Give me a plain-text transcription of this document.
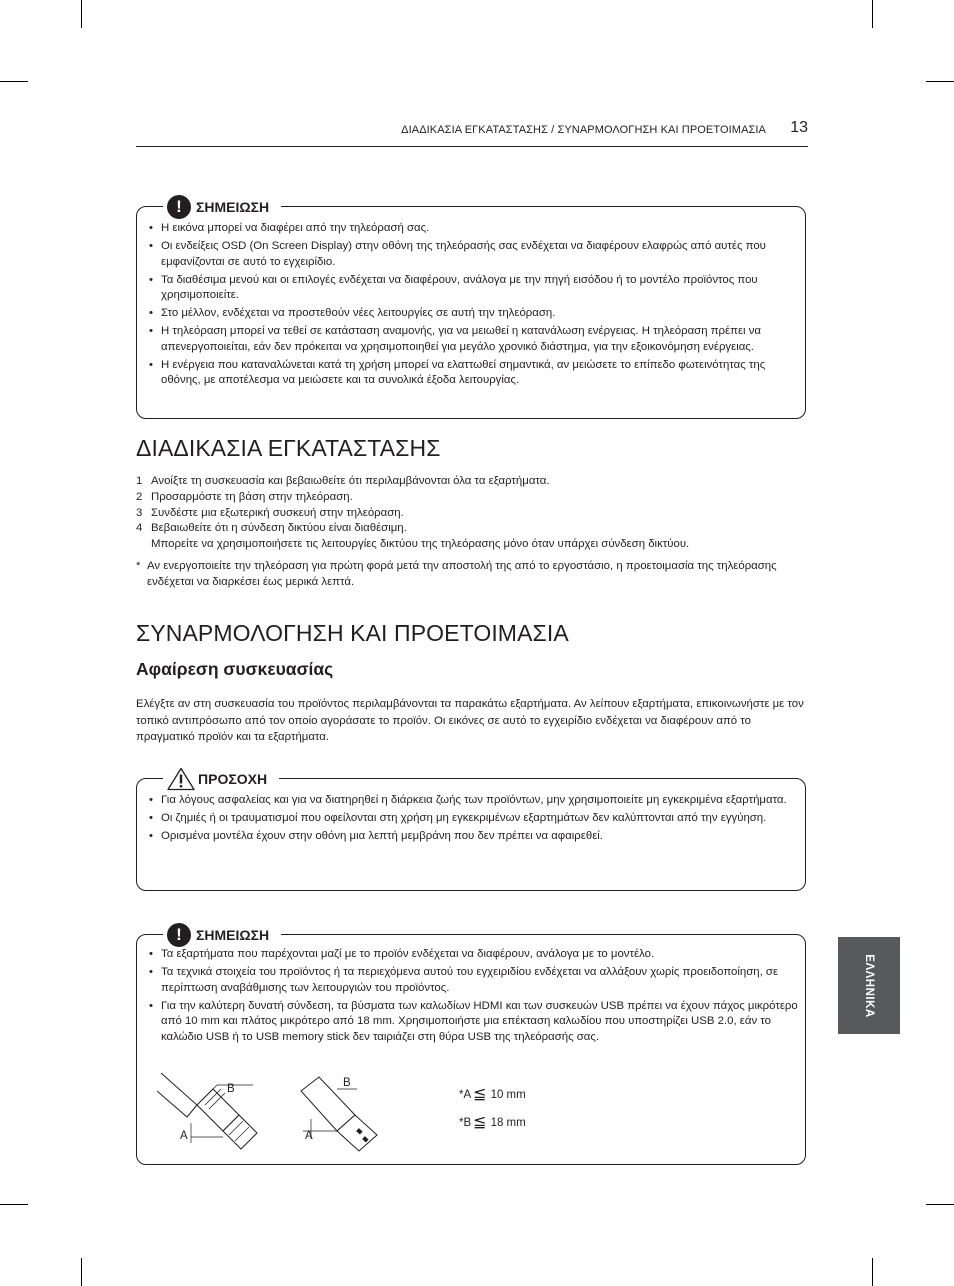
ΔΙΑΔΙΚΑΣΙΑ ΕΓΚΑΤΑΣΤΑΣΗΣ / ΣΥΝΑΡΜΟΛΟΓΗΣΗ ΚΑΙ ΠΡΟΕΤΟΙΜΑΣΙΑ 13
!	ΣΗΜΕΙΩΣΗ
• Η εικόνα μπορεί να διαφέρει από την τηλεόρασή σας.
• Οι ενδείξεις OSD (On Screen Display) στην οθόνη της τηλεόρασής σας ενδέχεται να διαφέρουν ελαφρώς από αυτές που εμφανίζονται σε αυτό το εγχειρίδιο.
• Τα διαθέσιμα μενού και οι επιλογές ενδέχεται να διαφέρουν, ανάλογα με την πηγή εισόδου ή το μοντέλο προϊόντος που χρησιμοποιείτε.
• Στο μέλλον, ενδέχεται να προστεθούν νέες λειτουργίες σε αυτή την τηλεόραση.
• Η τηλεόραση μπορεί να τεθεί σε κατάσταση αναμονής, για να μειωθεί η κατανάλωση ενέργειας. Η τηλεόραση πρέπει να απενεργοποιείται, εάν δεν πρόκειται να χρησιμοποιηθεί για μεγάλο χρονικό διάστημα, για την εξοικονόμηση ενέργειας.
• Η ενέργεια που καταναλώνεται κατά τη χρήση μπορεί να ελαττωθεί σημαντικά, αν μειώσετε το επίπεδο φωτεινότητας της οθόνης, με αποτέλεσμα να μειώσετε και τα συνολικά έξοδα λειτουργίας.
ΔΙΑΔΙΚΑΣΙΑ ΕΓΚΑΤΑΣΤΑΣΗΣ
1 Ανοίξτε τη συσκευασία και βεβαιωθείτε ότι περιλαμβάνονται όλα τα εξαρτήματα.
2 Προσαρμόστε τη βάση στην τηλεόραση.
3 Συνδέστε μια εξωτερική συσκευή στην τηλεόραση.
4 Βεβαιωθείτε ότι η σύνδεση δικτύου είναι διαθέσιμη.
Μπορείτε να χρησιμοποιήσετε τις λειτουργίες δικτύου της τηλεόρασης μόνο όταν υπάρχει σύνδεση δικτύου.
* Αν ενεργοποιείτε την τηλεόραση για πρώτη φορά μετά την αποστολή της από το εργοστάσιο, η προετοιμασία της τηλεόρασης ενδέχεται να διαρκέσει έως μερικά λεπτά.
ΣΥΝΑΡΜΟΛΟΓΗΣΗ ΚΑΙ ΠΡΟΕΤΟΙΜΑΣΙΑ
Αφαίρεση συσκευασίας
Ελέγξτε αν στη συσκευασία του προϊόντος περιλαμβάνονται τα παρακάτω εξαρτήματα. Αν λείπουν εξαρτήματα, επικοινωνήστε με τον τοπικό αντιπρόσωπο από τον οποίο αγοράσατε το προϊόν. Οι εικόνες σε αυτό το εγχειρίδιο ενδέχεται να διαφέρουν από το πραγματικό προϊόν και τα εξαρτήματα.
ΠΡΟΣΟΧΗ
• Για λόγους ασφαλείας και για να διατηρηθεί η διάρκεια ζωής των προϊόντων, μην χρησιμοποιείτε μη εγκεκριμένα εξαρτήματα.
• Οι ζημιές ή οι τραυματισμοί που οφείλονται στη χρήση μη εγκεκριμένων εξαρτημάτων δεν καλύπτονται από την εγγύηση.
• Ορισμένα μοντέλα έχουν στην οθόνη μια λεπτή μεμβράνη που δεν πρέπει να αφαιρεθεί.
!	ΣΗΜΕΙΩΣΗ
• Τα εξαρτήματα που παρέχονται μαζί με το προϊόν ενδέχεται να διαφέρουν, ανάλογα με το μοντέλο.
• Τα τεχνικά στοιχεία του προϊόντος ή τα περιεχόμενα αυτού του εγχειριδίου ενδέχεται να αλλάξουν χωρίς προειδοποίηση, σε περίπτωση αναβάθμισης των λειτουργιών του προϊόντος.
• Για την καλύτερη δυνατή σύνδεση, τα βύσματα των καλωδίων HDMI και των συσκευών USB πρέπει να έχουν πάχος μικρότερο από 10 mm και πλάτος μικρότερο από 18 mm. Χρησιμοποιήστε μια επέκταση καλωδίου που υποστηρίζει USB 2.0, εάν το καλώδιο USB ή το USB memory stick δεν ταιριάζει στη θύρα USB της τηλεόρασής σας.
B
A
B
A
*A ≦ 10 mm
*B ≦ 18 mm
ΕΛΛΗΝΙΚΑ
